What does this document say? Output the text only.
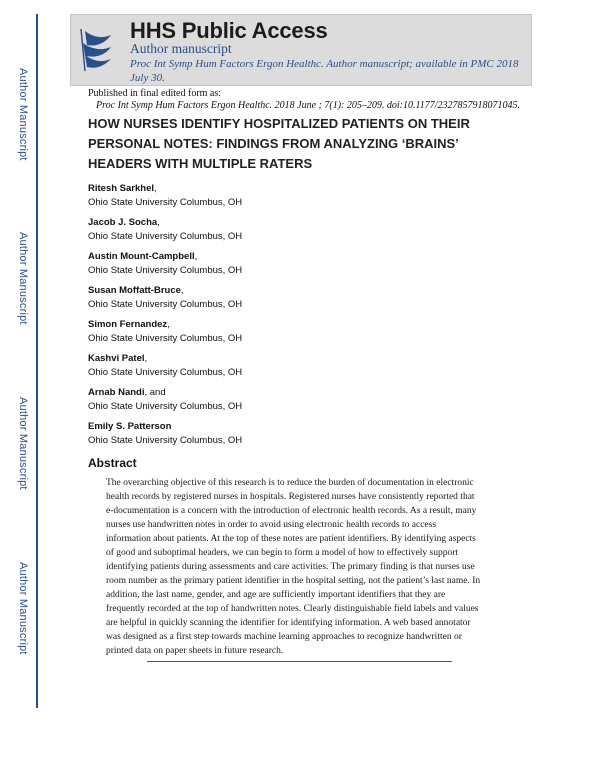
Author Manuscript
Author Manuscript
Author Manuscript
Author Manuscript
HHS Public Access
Author manuscript
Proc Int Symp Hum Factors Ergon Healthc. Author manuscript; available in PMC 2018 July 30.
Published in final edited form as:
Proc Int Symp Hum Factors Ergon Healthc. 2018 June ; 7(1): 205–209. doi:10.1177/2327857918071045.
HOW NURSES IDENTIFY HOSPITALIZED PATIENTS ON THEIR PERSONAL NOTES: FINDINGS FROM ANALYZING ‘BRAINS’ HEADERS WITH MULTIPLE RATERS
Ritesh Sarkhel,
Ohio State University Columbus, OH
Jacob J. Socha,
Ohio State University Columbus, OH
Austin Mount-Campbell,
Ohio State University Columbus, OH
Susan Moffatt-Bruce,
Ohio State University Columbus, OH
Simon Fernandez,
Ohio State University Columbus, OH
Kashvi Patel,
Ohio State University Columbus, OH
Arnab Nandi, and
Ohio State University Columbus, OH
Emily S. Patterson
Ohio State University Columbus, OH
Abstract
The overarching objective of this research is to reduce the burden of documentation in electronic
health records by registered nurses in hospitals. Registered nurses have consistently reported that
e-documentation is a concern with the introduction of electronic health records. As a result, many
nurses use handwritten notes in order to avoid using electronic health records to access
information about patients. At the top of these notes are patient identifiers. By identifying aspects
of good and suboptimal headers, we can begin to form a model of how to effectively support
identifying patients during assessments and care activities. The primary finding is that nurses use
room number as the primary patient identifier in the hospital setting, not the patient’s last name. In
addition, the last name, gender, and age are sufficiently important identifiers that they are
frequently recorded at the top of handwritten notes. Clearly distinguishable field labels and values
are helpful in quickly scanning the identifier for identifying information. A web based annotator
was designed as a first step towards machine learning approaches to recognize handwritten or
printed data on paper sheets in future research.
